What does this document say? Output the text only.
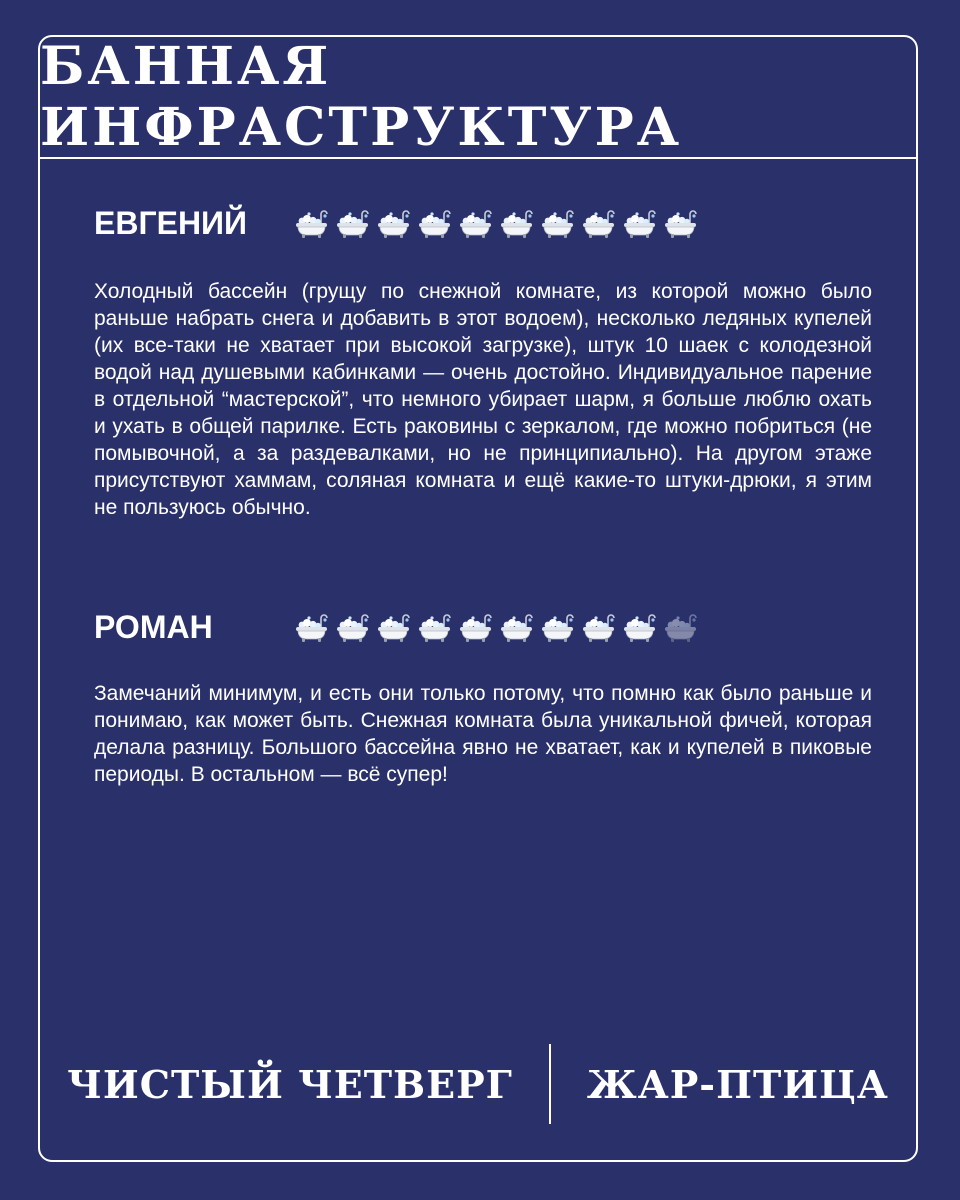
БАННАЯ ИНФРАСТРУКТУРА
ЕВГЕНИЙ

Холодный бассейн (грущу по снежной комнате, из которой можно было раньше набрать снега и добавить в этот водоем), несколько ледяных купелей (их все-таки не хватает при высокой загрузке), штук 10 шаек с колодезной водой над душевыми кабинками — очень достойно. Индивидуальное парение в отдельной “мастерской”, что немного убирает шарм, я больше люблю охать и ухать в общей парилке. Есть раковины с зеркалом, где можно побриться (не помывочной, а за раздевалками, но не принципиально). На другом этаже присутствуют хаммам, соляная комната и ещё какие-то штуки-дрюки, я этим не пользуюсь обычно.

РОМАН

Замечаний минимум, и есть они только потому, что помню как было раньше и понимаю, как может быть. Снежная комната была уникальной фичей, которая делала разницу. Большого бассейна явно не хватает, как и купелей в пиковые периоды. В остальном — всё супер!

ЧИСТЫЙ ЧЕТВЕРГ ЖАР-ПТИЦА
